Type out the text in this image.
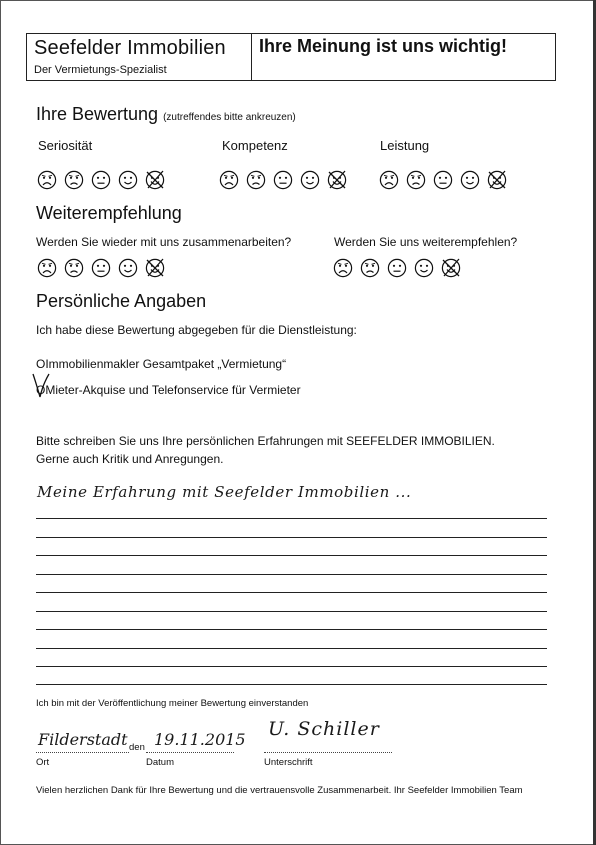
Seefelder Immobilien
Der Vermietungs-Spezialist
Ihre Meinung ist uns wichtig!
Ihre Bewertung (zutreffendes bitte ankreuzen)
Seriosität	Kompetenz	Leistung
Weiterempfehlung
Werden Sie wieder mit uns zusammenarbeiten?	Werden Sie uns weiterempfehlen?
Persönliche Angaben
Ich habe diese Bewertung abgegeben für die Dienstleistung:
OImmobilienmakler Gesamtpaket „Vermietung“
OMieter-Akquise und Telefonservice für Vermieter
Bitte schreiben Sie uns Ihre persönlichen Erfahrungen mit SEEFELDER IMMOBILIEN.
Gerne auch Kritik und Anregungen.
Meine Erfahrung mit Seefelder Immobilien ...
Ich bin mit der Veröffentlichung meiner Bewertung einverstanden
Filderstadt den 19.11.2015 U. Schiller
Ort	Datum	Unterschrift
Vielen herzlichen Dank für Ihre Bewertung und die vertrauensvolle Zusammenarbeit. Ihr Seefelder Immobilien Team
